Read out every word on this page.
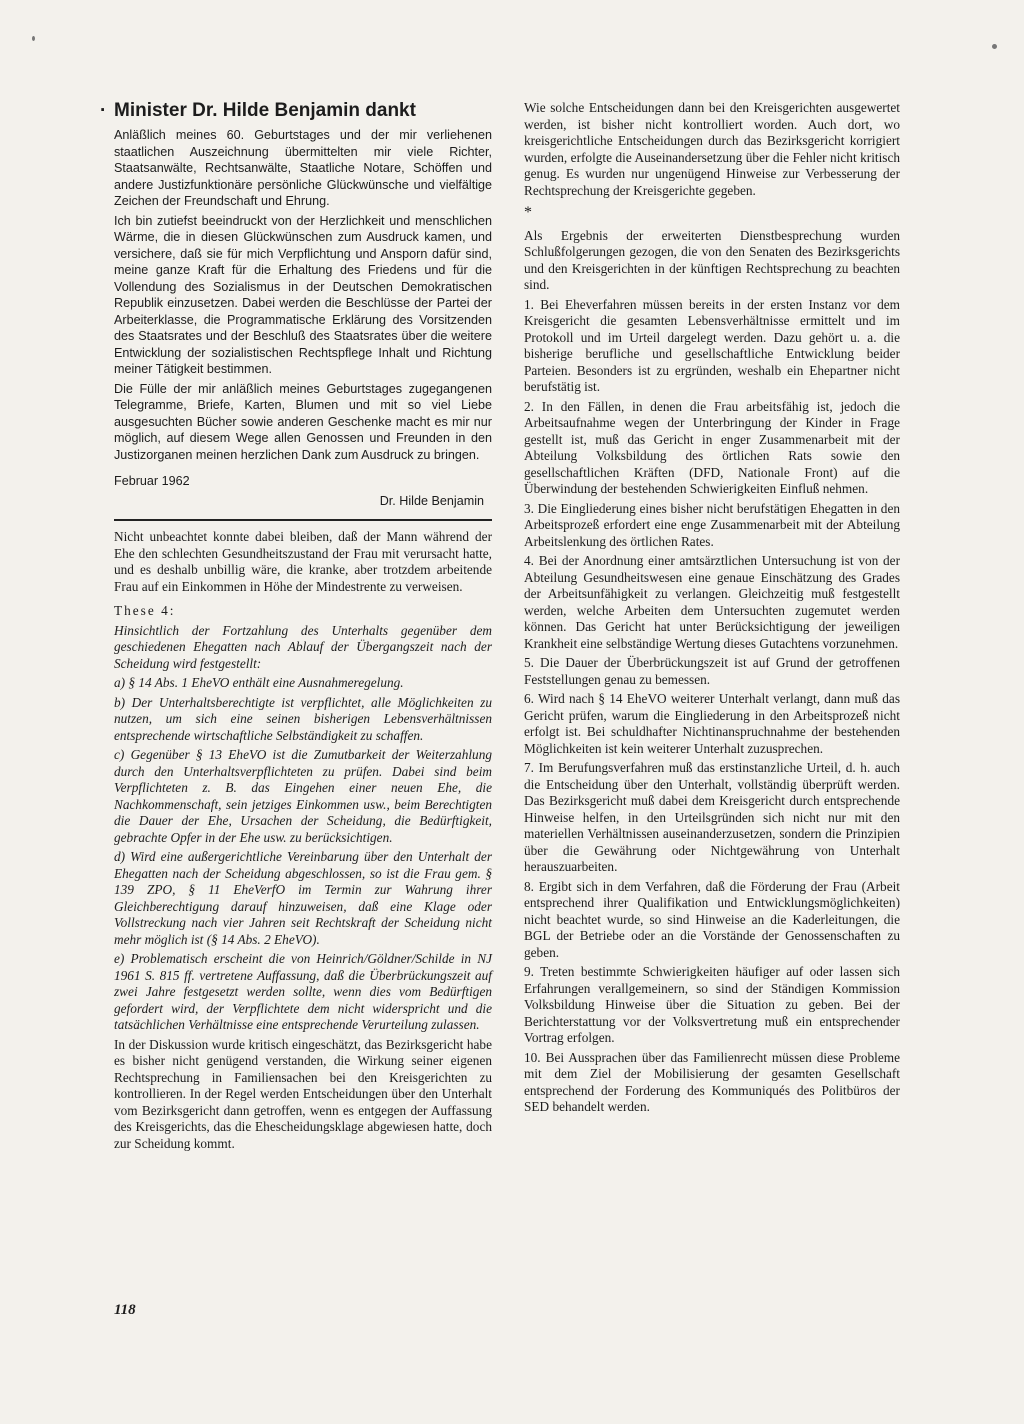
· Minister Dr. Hilde Benjamin dankt

Anläßlich meines 60. Geburtstages und der mir verliehenen staatlichen Auszeichnung übermittelten mir viele Richter, Staatsanwälte, Rechtsanwälte, Staatliche Notare, Schöffen und andere Justizfunktionäre persönliche Glückwünsche und vielfältige Zeichen der Freundschaft und Ehrung.

Ich bin zutiefst beeindruckt von der Herzlichkeit und menschlichen Wärme, die in diesen Glückwünschen zum Ausdruck kamen, und versichere, daß sie für mich Verpflichtung und Ansporn dafür sind, meine ganze Kraft für die Erhaltung des Friedens und für die Vollendung des Sozialismus in der Deutschen Demokratischen Republik einzusetzen. Dabei werden die Beschlüsse der Partei der Arbeiterklasse, die Programmatische Erklärung des Vorsitzenden des Staatsrates und der Beschluß des Staatsrates über die weitere Entwicklung der sozialistischen Rechtspflege Inhalt und Richtung meiner Tätigkeit bestimmen.

Die Fülle der mir anläßlich meines Geburtstages zugegangenen Telegramme, Briefe, Karten, Blumen und mit so viel Liebe ausgesuchten Bücher sowie anderen Geschenke macht es mir nur möglich, auf diesem Wege allen Genossen und Freunden in den Justizorganen meinen herzlichen Dank zum Ausdruck zu bringen.

Februar 1962
Dr. Hilde Benjamin

Nicht unbeachtet konnte dabei bleiben, daß der Mann während der Ehe den schlechten Gesundheitszustand der Frau mit verursacht hatte, und es deshalb unbillig wäre, die kranke, aber trotzdem arbeitende Frau auf ein Einkommen in Höhe der Mindestrente zu verweisen.

These 4:

Hinsichtlich der Fortzahlung des Unterhalts gegenüber dem geschiedenen Ehegatten nach Ablauf der Übergangszeit nach der Scheidung wird festgestellt:

a) § 14 Abs. 1 EheVO enthält eine Ausnahmeregelung.

b) Der Unterhaltsberechtigte ist verpflichtet, alle Möglichkeiten zu nutzen, um sich eine seinen bisherigen Lebensverhältnissen entsprechende wirtschaftliche Selbständigkeit zu schaffen.

c) Gegenüber § 13 EheVO ist die Zumutbarkeit der Weiterzahlung durch den Unterhaltsverpflichteten zu prüfen. Dabei sind beim Verpflichteten z. B. das Eingehen einer neuen Ehe, die Nachkommenschaft, sein jetziges Einkommen usw., beim Berechtigten die Dauer der Ehe, Ursachen der Scheidung, die Bedürftigkeit, gebrachte Opfer in der Ehe usw. zu berücksichtigen.

d) Wird eine außergerichtliche Vereinbarung über den Unterhalt der Ehegatten nach der Scheidung abgeschlossen, so ist die Frau gem. § 139 ZPO, § 11 EheVerfO im Termin zur Wahrung ihrer Gleichberechtigung darauf hinzuweisen, daß eine Klage oder Vollstreckung nach vier Jahren seit Rechtskraft der Scheidung nicht mehr möglich ist (§ 14 Abs. 2 EheVO).

e) Problematisch erscheint die von Heinrich/Göldner/Schilde in NJ 1961 S. 815 ff. vertretene Auffassung, daß die Überbrückungszeit auf zwei Jahre festgesetzt werden sollte, wenn dies vom Bedürftigen gefordert wird, der Verpflichtete dem nicht widerspricht und die tatsächlichen Verhältnisse eine entsprechende Verurteilung zulassen.

In der Diskussion wurde kritisch eingeschätzt, das Bezirksgericht habe es bisher nicht genügend verstanden, die Wirkung seiner eigenen Rechtsprechung in Familiensachen bei den Kreisgerichten zu kontrollieren. In der Regel werden Entscheidungen über den Unterhalt vom Bezirksgericht dann getroffen, wenn es entgegen der Auffassung des Kreisgerichts, das die Ehescheidungsklage abgewiesen hatte, doch zur Scheidung kommt.

Wie solche Entscheidungen dann bei den Kreisgerichten ausgewertet werden, ist bisher nicht kontrolliert worden. Auch dort, wo kreisgerichtliche Entscheidungen durch das Bezirksgericht korrigiert wurden, erfolgte die Auseinandersetzung über die Fehler nicht kritisch genug. Es wurden nur ungenügend Hinweise zur Verbesserung der Rechtsprechung der Kreisgerichte gegeben.

*

Als Ergebnis der erweiterten Dienstbesprechung wurden Schlußfolgerungen gezogen, die von den Senaten des Bezirksgerichts und den Kreisgerichten in der künftigen Rechtsprechung zu beachten sind.

1. Bei Eheverfahren müssen bereits in der ersten Instanz vor dem Kreisgericht die gesamten Lebensverhältnisse ermittelt und im Protokoll und im Urteil dargelegt werden. Dazu gehört u. a. die bisherige berufliche und gesellschaftliche Entwicklung beider Parteien. Besonders ist zu ergründen, weshalb ein Ehepartner nicht berufstätig ist.

2. In den Fällen, in denen die Frau arbeitsfähig ist, jedoch die Arbeitsaufnahme wegen der Unterbringung der Kinder in Frage gestellt ist, muß das Gericht in enger Zusammenarbeit mit der Abteilung Volksbildung des örtlichen Rats sowie den gesellschaftlichen Kräften (DFD, Nationale Front) auf die Überwindung der bestehenden Schwierigkeiten Einfluß nehmen.

3. Die Eingliederung eines bisher nicht berufstätigen Ehegatten in den Arbeitsprozeß erfordert eine enge Zusammenarbeit mit der Abteilung Arbeitslenkung des örtlichen Rates.

4. Bei der Anordnung einer amtsärztlichen Untersuchung ist von der Abteilung Gesundheitswesen eine genaue Einschätzung des Grades der Arbeitsunfähigkeit zu verlangen. Gleichzeitig muß festgestellt werden, welche Arbeiten dem Untersuchten zugemutet werden können. Das Gericht hat unter Berücksichtigung der jeweiligen Krankheit eine selbständige Wertung dieses Gutachtens vorzunehmen.

5. Die Dauer der Überbrückungszeit ist auf Grund der getroffenen Feststellungen genau zu bemessen.

6. Wird nach § 14 EheVO weiterer Unterhalt verlangt, dann muß das Gericht prüfen, warum die Eingliederung in den Arbeitsprozeß nicht erfolgt ist. Bei schuldhafter Nichtinanspruchnahme der bestehenden Möglichkeiten ist kein weiterer Unterhalt zuzusprechen.

7. Im Berufungsverfahren muß das erstinstanzliche Urteil, d. h. auch die Entscheidung über den Unterhalt, vollständig überprüft werden. Das Bezirksgericht muß dabei dem Kreisgericht durch entsprechende Hinweise helfen, in den Urteilsgründen sich nicht nur mit den materiellen Verhältnissen auseinanderzusetzen, sondern die Prinzipien über die Gewährung oder Nichtgewährung von Unterhalt herauszuarbeiten.

8. Ergibt sich in dem Verfahren, daß die Förderung der Frau (Arbeit entsprechend ihrer Qualifikation und Entwicklungsmöglichkeiten) nicht beachtet wurde, so sind Hinweise an die Kaderleitungen, die BGL der Betriebe oder an die Vorstände der Genossenschaften zu geben.

9. Treten bestimmte Schwierigkeiten häufiger auf oder lassen sich Erfahrungen verallgemeinern, so sind der Ständigen Kommission Volksbildung Hinweise über die Situation zu geben. Bei der Berichterstattung vor der Volksvertretung muß ein entsprechender Vortrag erfolgen.

10. Bei Aussprachen über das Familienrecht müssen diese Probleme mit dem Ziel der Mobilisierung der gesamten Gesellschaft entsprechend der Forderung des Kommuniqués des Politbüros der SED behandelt werden.

118
